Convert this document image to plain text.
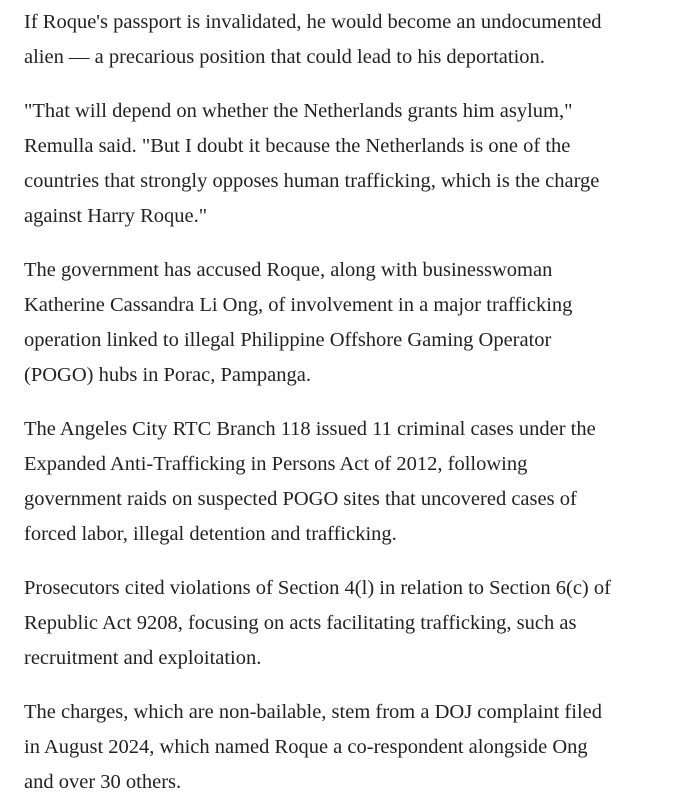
If Roque's passport is invalidated, he would become an undocumented
alien — a precarious position that could lead to his deportation.

"That will depend on whether the Netherlands grants him asylum,"
Remulla said. "But I doubt it because the Netherlands is one of the
countries that strongly opposes human trafficking, which is the charge
against Harry Roque."

The government has accused Roque, along with businesswoman
Katherine Cassandra Li Ong, of involvement in a major trafficking
operation linked to illegal Philippine Offshore Gaming Operator
(POGO) hubs in Porac, Pampanga.

The Angeles City RTC Branch 118 issued 11 criminal cases under the
Expanded Anti-Trafficking in Persons Act of 2012, following
government raids on suspected POGO sites that uncovered cases of
forced labor, illegal detention and trafficking.

Prosecutors cited violations of Section 4(l) in relation to Section 6(c) of
Republic Act 9208, focusing on acts facilitating trafficking, such as
recruitment and exploitation.

The charges, which are non-bailable, stem from a DOJ complaint filed
in August 2024, which named Roque a co-respondent alongside Ong
and over 30 others.
